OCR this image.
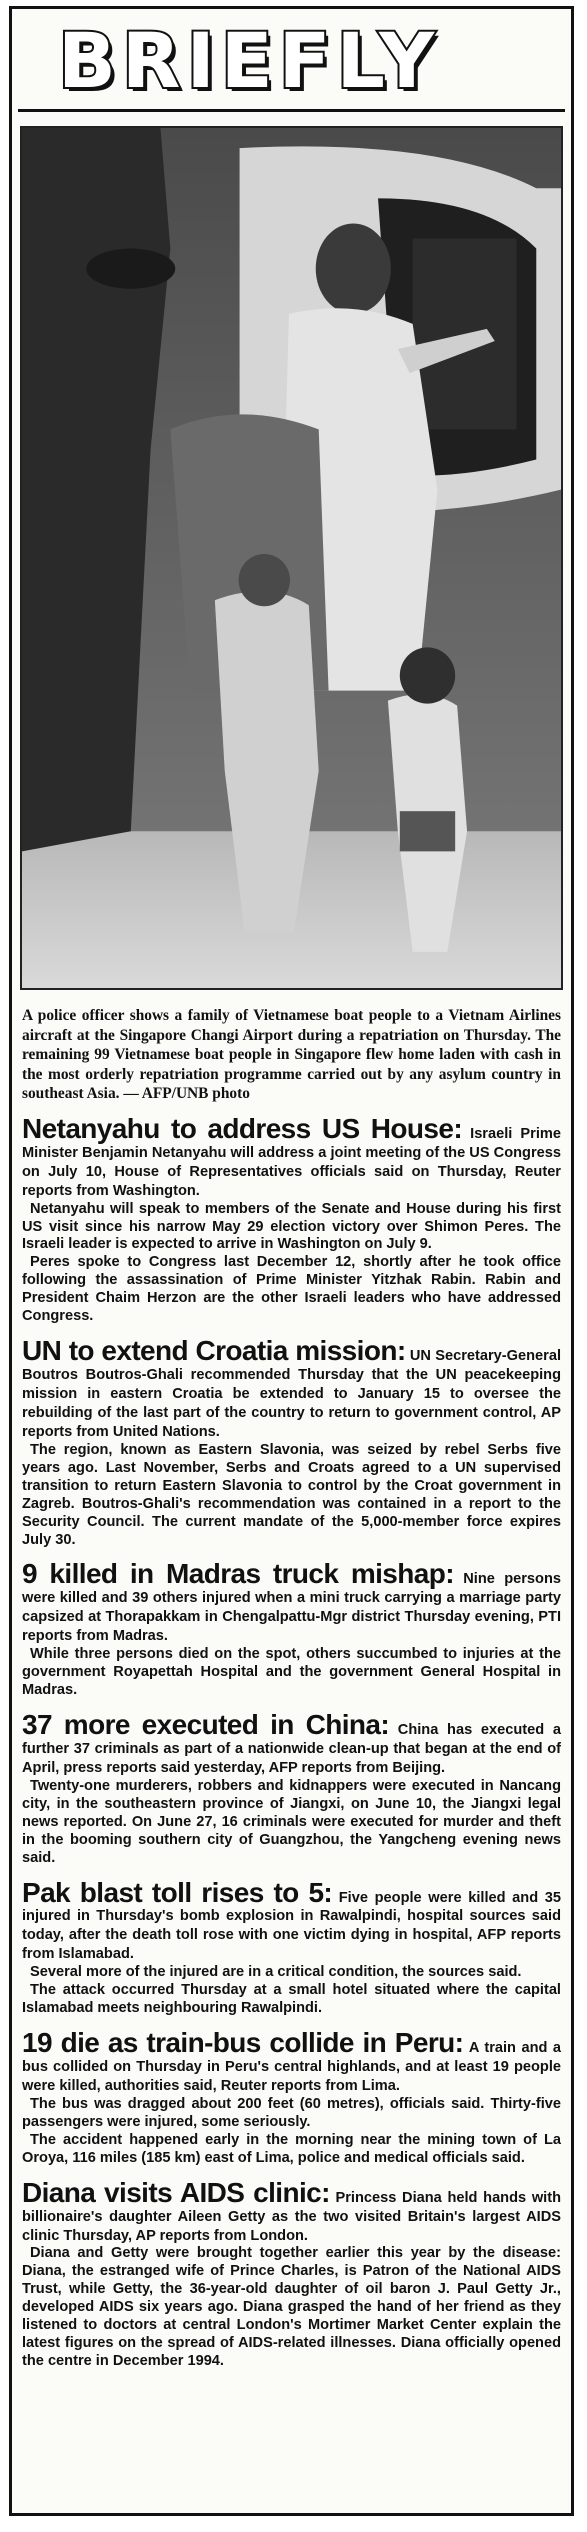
BRIEFLY

A police officer shows a family of Vietnamese boat people to a Vietnam Airlines aircraft at the Singapore Changi Airport during a repatriation on Thursday. The remaining 99 Vietnamese boat people in Singapore flew home laden with cash in the most orderly repatriation programme carried out by any asylum country in southeast Asia. — AFP/UNB photo

Netanyahu to address US House: Israeli Prime Minister Benjamin Netanyahu will address a joint meeting of the US Congress on July 10, House of Representatives officials said on Thursday, Reuter reports from Washington.

Netanyahu will speak to members of the Senate and House during his first US visit since his narrow May 29 election victory over Shimon Peres. The Israeli leader is expected to arrive in Washington on July 9.

Peres spoke to Congress last December 12, shortly after he took office following the assassination of Prime Minister Yitzhak Rabin. Rabin and President Chaim Herzon are the other Israeli leaders who have addressed Congress.

UN to extend Croatia mission: UN Secretary-General Boutros Boutros-Ghali recommended Thursday that the UN peacekeeping mission in eastern Croatia be extended to January 15 to oversee the rebuilding of the last part of the country to return to government control, AP reports from United Nations.

The region, known as Eastern Slavonia, was seized by rebel Serbs five years ago. Last November, Serbs and Croats agreed to a UN supervised transition to return Eastern Slavonia to control by the Croat government in Zagreb. Boutros-Ghali's recommendation was contained in a report to the Security Council. The current mandate of the 5,000-member force expires July 30.

9 killed in Madras truck mishap: Nine persons were killed and 39 others injured when a mini truck carrying a marriage party capsized at Thorapakkam in Chengalpattu-Mgr district Thursday evening, PTI reports from Madras.

While three persons died on the spot, others succumbed to injuries at the government Royapettah Hospital and the government General Hospital in Madras.

37 more executed in China: China has executed a further 37 criminals as part of a nationwide clean-up that began at the end of April, press reports said yesterday, AFP reports from Beijing.

Twenty-one murderers, robbers and kidnappers were executed in Nancang city, in the southeastern province of Jiangxi, on June 10, the Jiangxi legal news reported. On June 27, 16 criminals were executed for murder and theft in the booming southern city of Guangzhou, the Yangcheng evening news said.

Pak blast toll rises to 5: Five people were killed and 35 injured in Thursday's bomb explosion in Rawalpindi, hospital sources said today, after the death toll rose with one victim dying in hospital, AFP reports from Islamabad.

Several more of the injured are in a critical condition, the sources said.

The attack occurred Thursday at a small hotel situated where the capital Islamabad meets neighbouring Rawalpindi.

19 die as train-bus collide in Peru: A train and a bus collided on Thursday in Peru's central highlands, and at least 19 people were killed, authorities said, Reuter reports from Lima.

The bus was dragged about 200 feet (60 metres), officials said. Thirty-five passengers were injured, some seriously.

The accident happened early in the morning near the mining town of La Oroya, 116 miles (185 km) east of Lima, police and medical officials said.

Diana visits AIDS clinic: Princess Diana held hands with billionaire's daughter Aileen Getty as the two visited Britain's largest AIDS clinic Thursday, AP reports from London.

Diana and Getty were brought together earlier this year by the disease: Diana, the estranged wife of Prince Charles, is Patron of the National AIDS Trust, while Getty, the 36-year-old daughter of oil baron J. Paul Getty Jr., developed AIDS six years ago. Diana grasped the hand of her friend as they listened to doctors at central London's Mortimer Market Center explain the latest figures on the spread of AIDS-related illnesses. Diana officially opened the centre in December 1994.
